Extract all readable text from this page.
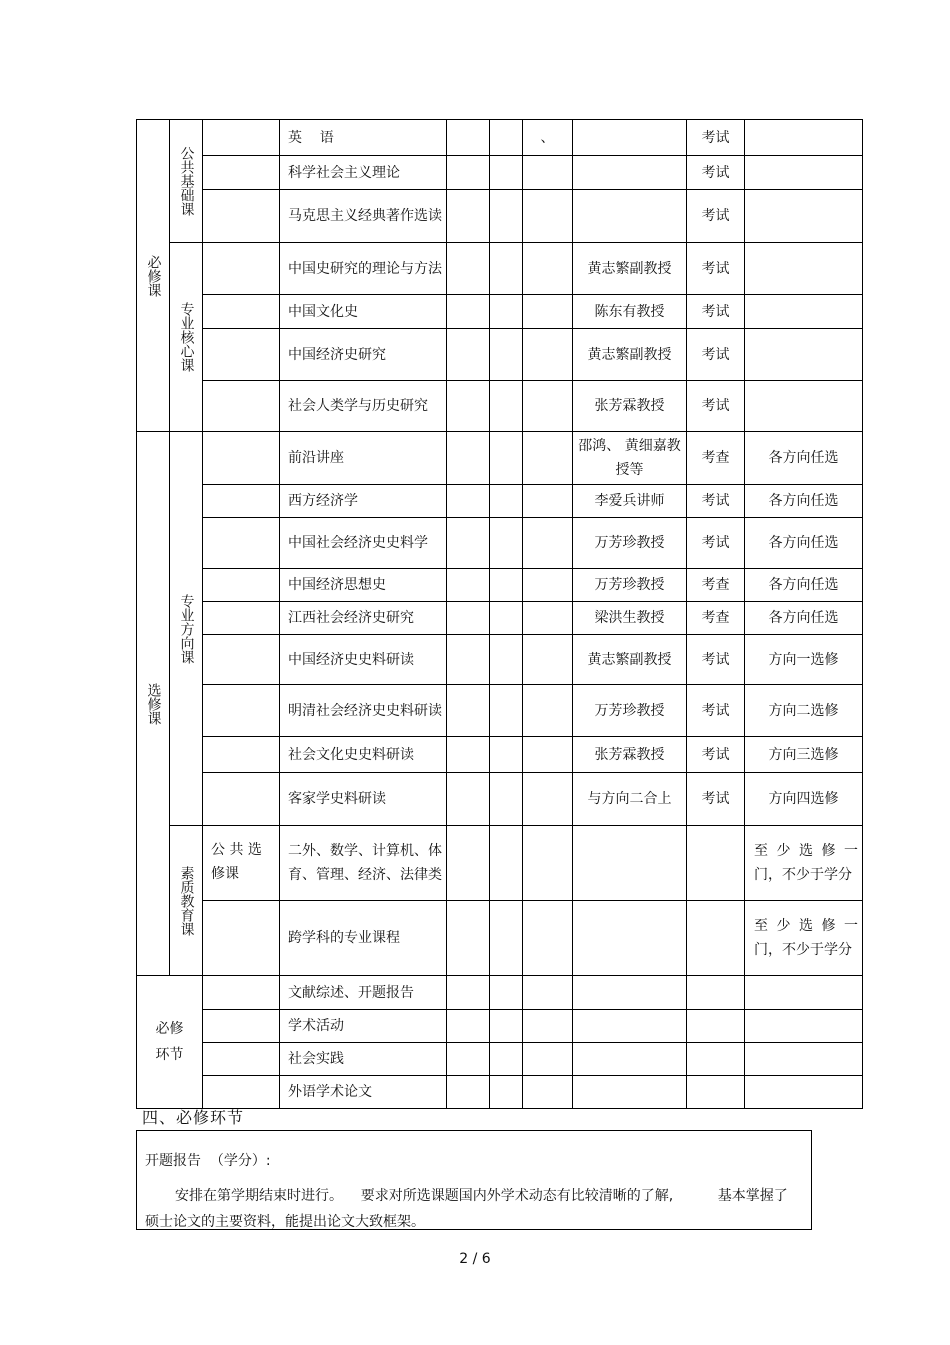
必修课	公共基础课		英    语			、		考试	
			科学社会主义理论					考试	
			马克思主义经典著作选读					考试	

	专业核心课		中国史研究的理论与方法				黄志繁副教授	考试	
			中国文化史				陈东有教授	考试	
			中国经济史研究				黄志繁副教授	考试	
			社会人类学与历史研究				张芳霖教授	考试	

选修课	专业方向课		前沿讲座				邵鸿、 黄细嘉教授等	考查	各方向任选
			西方经济学				李爱兵讲师	考试	各方向任选
			中国社会经济史史料学				万芳珍教授	考试	各方向任选
			中国经济思想史				万芳珍教授	考查	各方向任选
			江西社会经济史研究				梁洪生教授	考查	各方向任选
			中国经济史史料研读				黄志繁副教授	考试	方向一选修
			明清社会经济史史料研读				万芳珍教授	考试	方向二选修
			社会文化史史料研读				张芳霖教授	考试	方向三选修
			客家学史料研读				与方向二合上	考试	方向四选修

	素质教育课	公 共 选修课	二外、数学、计算机、体育、管理、经济、法律类						至 少 选 修 一门，不少于学分
			跨学科的专业课程						至 少 选 修 一门，不少于学分

必修环节			文献综述、开题报告						
			学术活动						
			社会实践						
			外语学术论文						
四、必修环节
开题报告  （学分）:
安排在第学期结束时进行。    要求对所选课题国内外学术动态有比较清晰的了解,          基本掌握了硕士论文的主要资料，能提出论文大致框架。
2 / 6
